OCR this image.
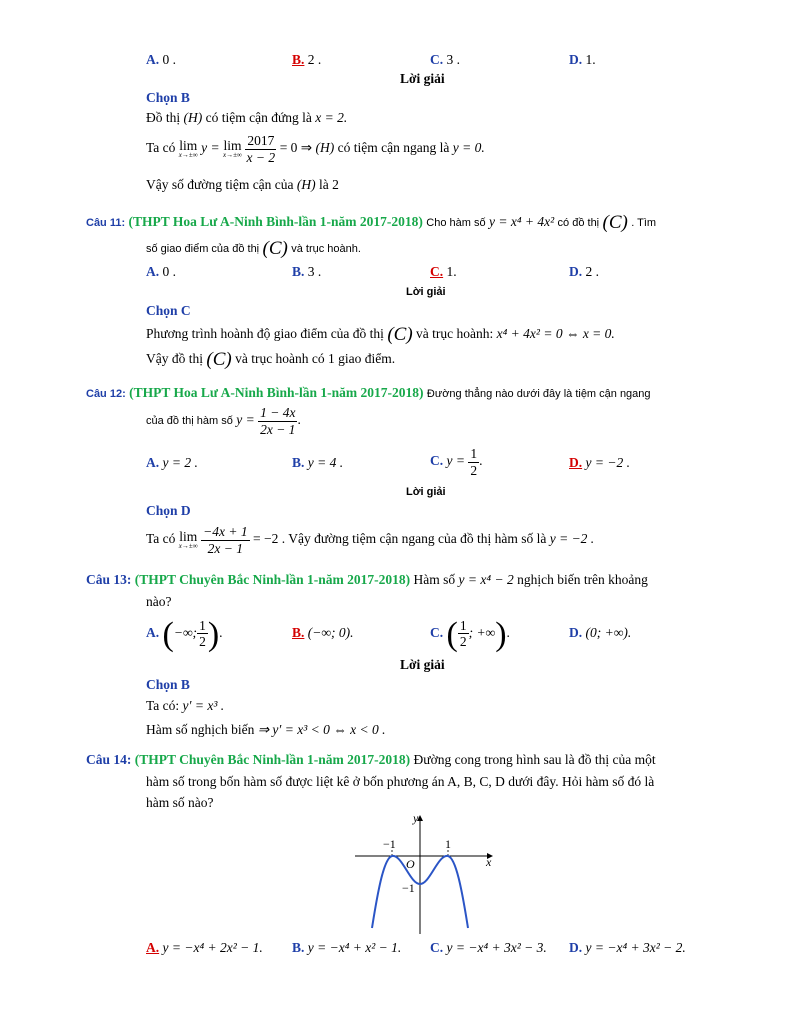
A. 0 .	B. 2 .	C. 3 .	D. 1.
Lời giải
Chọn B
Đồ thị (H) có tiệm cận đứng là x = 2.
Ta có lim
x→±∞
y = lim
x→±∞
$\frac{2017}{x - 2} = 0$ ⇒ (H) có tiệm cận ngang là y = 0.
Vậy số đường tiệm cận của (H) là 2
Câu 11: (THPT Hoa Lư A-Ninh Bình-lần 1-năm 2017-2018) Cho hàm số y = x⁴ + 4x² có đồ thị (C) . Tìm
số giao điểm của đồ thị (C) và trục hoành.
A. 0 .	B. 3 .	C. 1.	D. 2 .
Lời giải
Chọn C
Phương trình hoành độ giao điểm của đồ thị (C) và trục hoành: x⁴ + 4x² = 0 ⇔ x = 0.
Vậy đồ thị (C) và trục hoành có 1 giao điểm.
Câu 12: (THPT Hoa Lư A-Ninh Bình-lần 1-năm 2017-2018) Đường thẳng nào dưới đây là tiệm cận ngang
của đồ thị hàm số $y = \frac{1 - 4x}{2x - 1}$ .
A. y = 2 .	B. y = 4 .	C. $y = \frac{1}{2}$ .	D. y = −2 .
Lời giải
Chọn D
Ta có lim
x→±∞
$\frac{-4x + 1}{2x - 1} = -2$ . Vậy đường tiệm cận ngang của đồ thị hàm số là y = −2 .
Câu 13: (THPT Chuyên Bắc Ninh-lần 1-năm 2017-2018) Hàm số y = x⁴ − 2 nghịch biến trên khoảng
nào?
A. (−∞; $\frac{1}{2}$ ).	B. (−∞; 0).	C. ( $\frac{1}{2}$ ; +∞).	D. (0; +∞).
Lời giải
Chọn B
Ta có: y′ = x³ .
Hàm số nghịch biến ⇒ y′ = x³ < 0 ⇔ x < 0 .
Câu 14: (THPT Chuyên Bắc Ninh-lần 1-năm 2017-2018) Đường cong trong hình sau là đồ thị của một
hàm số trong bốn hàm số được liệt kê ở bốn phương án A, B, C, D dưới đây. Hỏi hàm số đó là
hàm số nào?
y
x
O
−1	1
−1
A. y = −x⁴ + 2x² − 1. B. y = −x⁴ + x² − 1. C. y = −x⁴ + 3x² − 3. D. y = −x⁴ + 3x² − 2.
